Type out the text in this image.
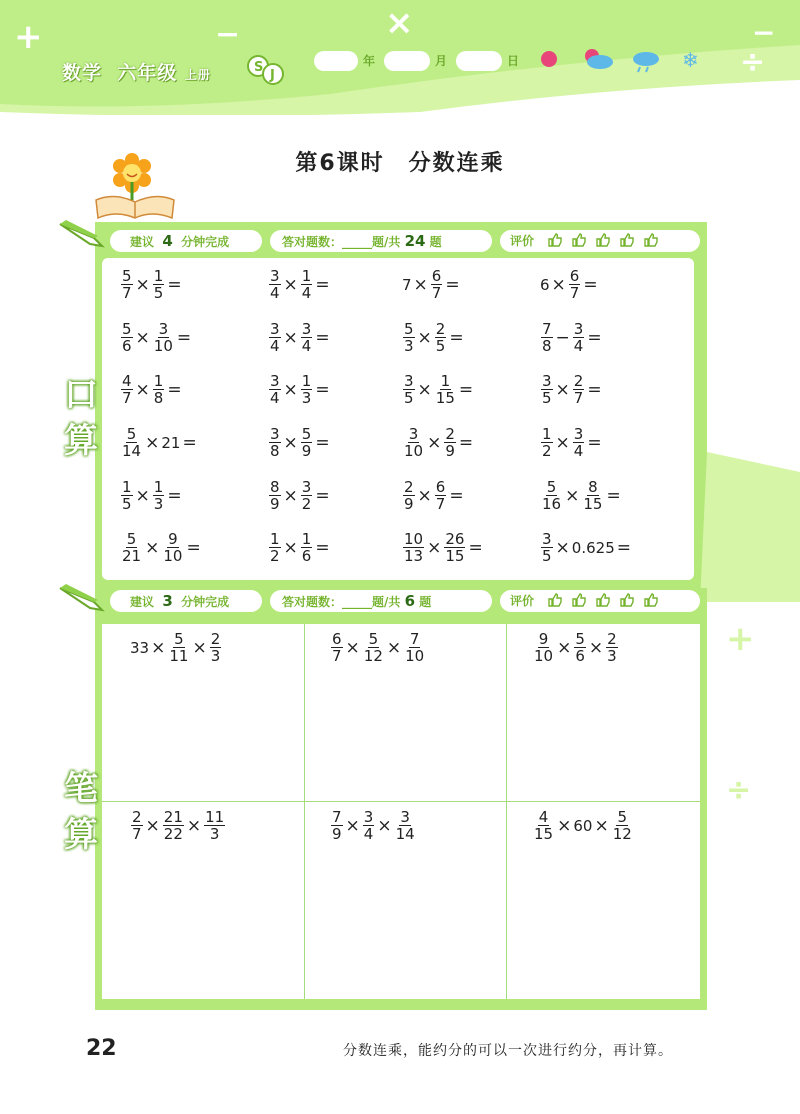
+	−	×
÷
−
数学 六年级 上册	S
J
年	月	日	❄
第6课时　分数连乘
建议 4 分钟完成	答对题数：_____题/共 24 题	评价
口
算
$\frac{5}{7} \times \frac{1}{5}$ =	$\frac{3}{4} \times \frac{1}{4}$ =	$7 \times \frac{6}{7}$ =	$6 \times \frac{6}{7}$ =
$\frac{5}{6} \times \frac{3}{10}$ =	$\frac{3}{4} \times \frac{3}{4}$ =	$\frac{5}{3} \times \frac{2}{5}$ =	$\frac{7}{8} - \frac{3}{4}$ =
$\frac{4}{7} \times \frac{1}{8}$ =	$\frac{3}{4} \times \frac{1}{3}$ =	$\frac{3}{5} \times \frac{1}{15}$ =	$\frac{3}{5} \times \frac{2}{7}$ =
$\frac{5}{14} \times 21$ =	$\frac{3}{8} \times \frac{5}{9}$ =	$\frac{3}{10} \times \frac{2}{9}$ =	$\frac{1}{2} \times \frac{3}{4}$ =
$\frac{1}{5} \times \frac{1}{3}$ =	$\frac{8}{9} \times \frac{3}{2}$ =	$\frac{2}{9} \times \frac{6}{7}$ =	$\frac{5}{16} \times \frac{8}{15}$ =
$\frac{5}{21} \times \frac{9}{10}$ =	$\frac{1}{2} \times \frac{1}{6}$ =	$\frac{10}{13} \times \frac{26}{15}$ =	$\frac{3}{5} \times 0.625$ =
建议 3 分钟完成	答对题数：_____题/共 6 题	评价
笔
算
$33 \times \frac{5}{11} \times \frac{2}{3}$	$\frac{6}{7} \times \frac{5}{12} \times \frac{7}{10}$	$\frac{9}{10} \times \frac{5}{6} \times \frac{2}{3}$
$\frac{2}{7} \times \frac{21}{22} \times \frac{11}{3}$	$\frac{7}{9} \times \frac{3}{4} \times \frac{3}{14}$	$\frac{4}{15} \times 60 \times \frac{5}{12}$
+
÷
22	分数连乘，能约分的可以一次进行约分，再计算。
